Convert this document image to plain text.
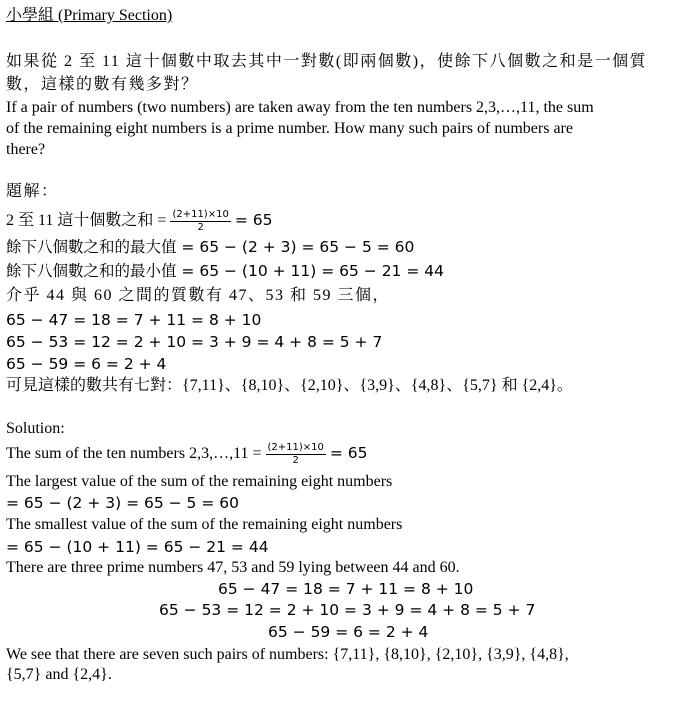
小學組 (Primary Section)
如果從 2 至 11 這十個數中取去其中一對數(即兩個數)，使餘下八個數之和是一個質
數，這樣的數有幾多對？
If a pair of numbers (two numbers) are taken away from the ten numbers 2,3,…,11, the sum
of the remaining eight numbers is a prime number. How many such pairs of numbers are
there?
題解：
2 至 11 這十個數之和 = $\frac{(2+11)\times 10}{2} = 65$
餘下八個數之和的最大值 = 65 − (2 + 3) = 65 − 5 = 60
餘下八個數之和的最小值 = 65 − (10 + 11) = 65 − 21 = 44
介乎 44 與 60 之間的質數有 47、53 和 59 三個，
65 − 47 = 18 = 7 + 11 = 8 + 10
65 − 53 = 12 = 2 + 10 = 3 + 9 = 4 + 8 = 5 + 7
65 − 59 = 6 = 2 + 4
可見這樣的數共有七對：{7,11}、{8,10}、{2,10}、{3,9}、{4,8}、{5,7} 和 {2,4}。
Solution:
The sum of the ten numbers 2,3,…,11 = $\frac{(2+11)\times 10}{2} = 65$
The largest value of the sum of the remaining eight numbers
= 65 − (2 + 3) = 65 − 5 = 60
The smallest value of the sum of the remaining eight numbers
= 65 − (10 + 11) = 65 − 21 = 44
There are three prime numbers 47, 53 and 59 lying between 44 and 60.
65 − 47 = 18 = 7 + 11 = 8 + 10
65 − 53 = 12 = 2 + 10 = 3 + 9 = 4 + 8 = 5 + 7
65 − 59 = 6 = 2 + 4
We see that there are seven such pairs of numbers: {7,11}, {8,10}, {2,10}, {3,9}, {4,8},
{5,7} and {2,4}.
